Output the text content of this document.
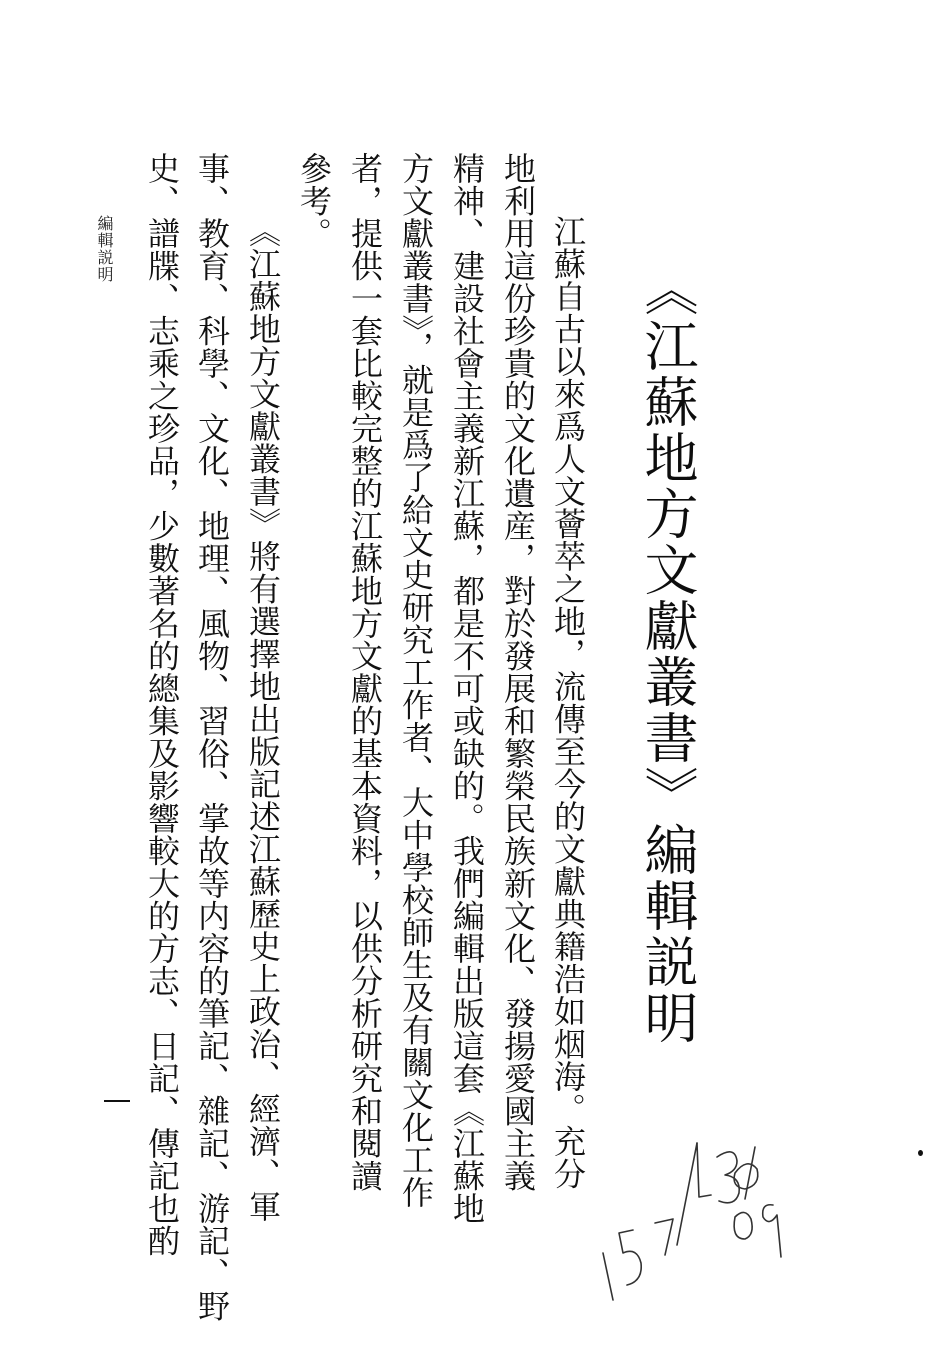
《江蘇地方文獻叢書》編輯説明
江蘇自古以來爲人文薈萃之地，流傳至今的文獻典籍浩如烟海。充分
地利用這份珍貴的文化遺産，對於發展和繁榮民族新文化、發揚愛國主義
精神、建設社會主義新江蘇，都是不可或缺的。我們編輯出版這套《江蘇地
方文獻叢書》，就是爲了給文史研究工作者、大中學校師生及有關文化工作
者，提供一套比較完整的江蘇地方文獻的基本資料，以供分析研究和閱讀
參考。
《江蘇地方文獻叢書》將有選擇地出版記述江蘇歷史上政治、經濟、軍
事、教育、科學、文化、地理、風物、習俗、掌故等内容的筆記、雜記、游記、野
史、譜牒、志乘之珍品，少數著名的總集及影響較大的方志、日記、傳記也酌
編輯説明
